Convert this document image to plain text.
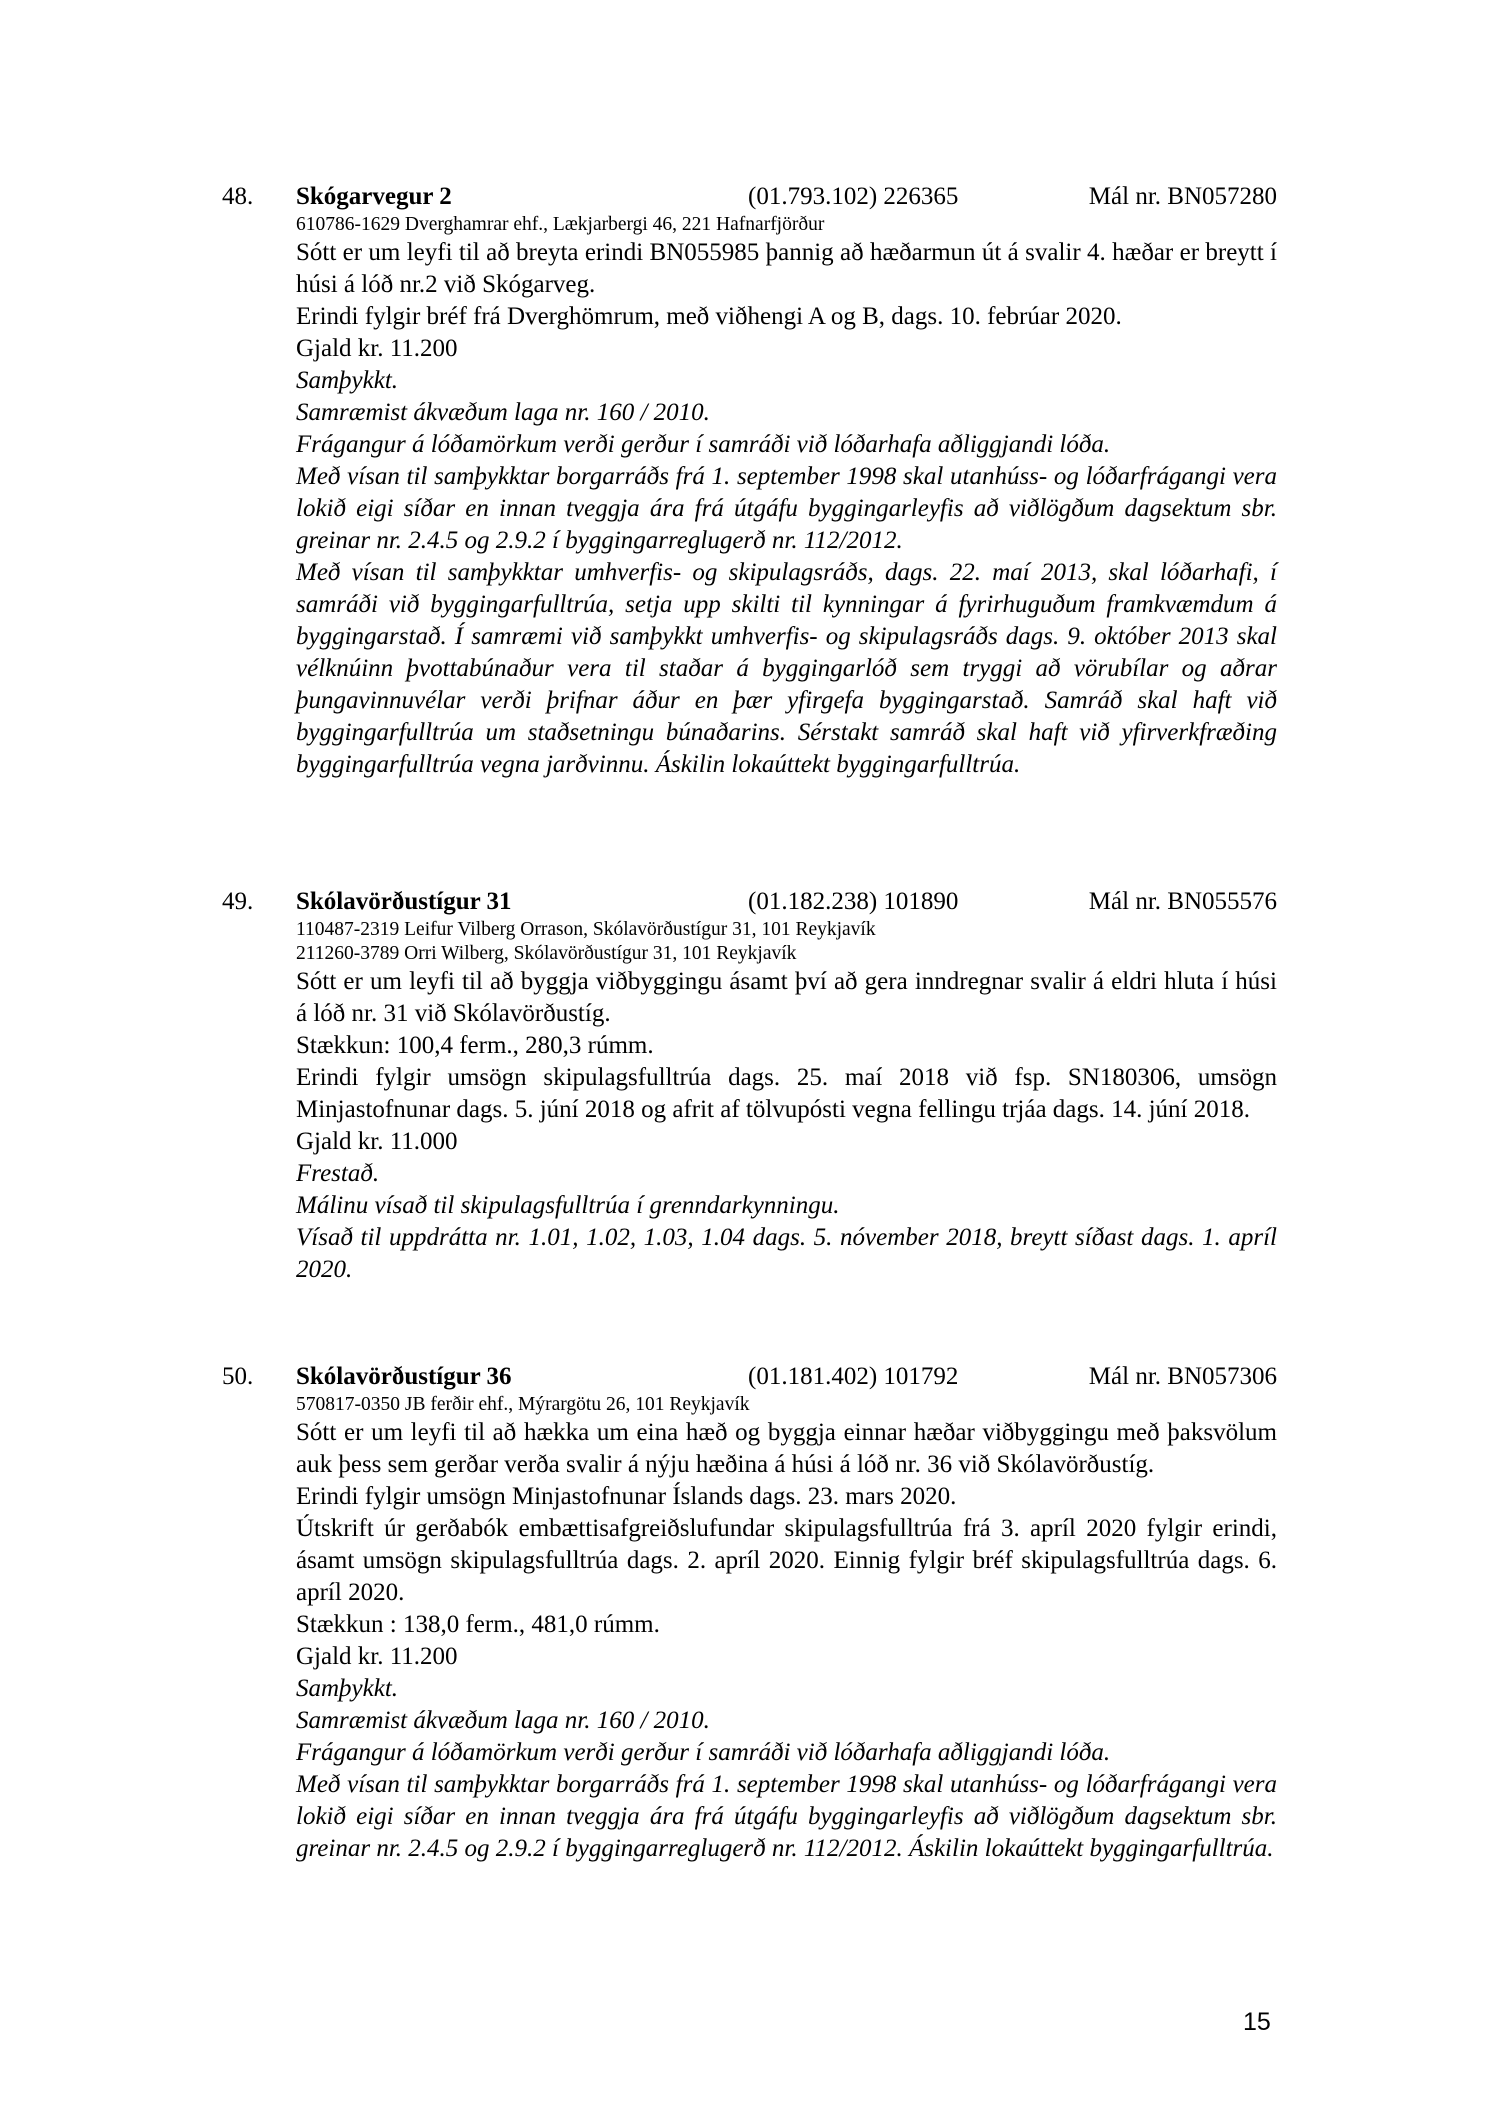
48. Skógarvegur 2	(01.793.102) 226365	Mál nr. BN057280
610786-1629 Dverghamrar ehf., Lækjarbergi 46, 221 Hafnarfjörður
Sótt er um leyfi til að breyta erindi BN055985 þannig að hæðarmun út á svalir 4. hæðar er breytt í húsi á lóð nr.2 við Skógarveg.
Erindi fylgir bréf frá Dverghömrum, með viðhengi A og B, dags. 10. febrúar 2020.
Gjald kr. 11.200
Samþykkt.
Samræmist ákvæðum laga nr. 160 / 2010.
Frágangur á lóðamörkum verði gerður í samráði við lóðarhafa aðliggjandi lóða.
Með vísan til samþykktar borgarráðs frá 1. september 1998 skal utanhúss- og lóðarfrágangi vera lokið eigi síðar en innan tveggja ára frá útgáfu byggingarleyfis að viðlögðum dagsektum sbr. greinar nr. 2.4.5 og 2.9.2 í byggingarreglugerð nr. 112/2012.
Með vísan til samþykktar umhverfis- og skipulagsráðs, dags. 22. maí 2013, skal lóðarhafi, í samráði við byggingarfulltrúa, setja upp skilti til kynningar á fyrirhuguðum framkvæmdum á byggingarstað. Í samræmi við samþykkt umhverfis- og skipulagsráðs dags. 9. október 2013 skal vélknúinn þvottabúnaður vera til staðar á byggingarlóð sem tryggi að vörubílar og aðrar þungavinnuvélar verði þrifnar áður en þær yfirgefa byggingarstað. Samráð skal haft við byggingarfulltrúa um staðsetningu búnaðarins. Sérstakt samráð skal haft við yfirverkfræðing byggingarfulltrúa vegna jarðvinnu. Áskilin lokaúttekt byggingarfulltrúa.
49. Skólavörðustígur 31	(01.182.238) 101890	Mál nr. BN055576
110487-2319 Leifur Vilberg Orrason, Skólavörðustígur 31, 101 Reykjavík
211260-3789 Orri Wilberg, Skólavörðustígur 31, 101 Reykjavík
Sótt er um leyfi til að byggja viðbyggingu ásamt því að gera inndregnar svalir á eldri hluta í húsi á lóð nr. 31 við Skólavörðustíg.
Stækkun: 100,4 ferm., 280,3 rúmm.
Erindi fylgir umsögn skipulagsfulltrúa dags. 25. maí 2018 við fsp. SN180306, umsögn Minjastofnunar dags. 5. júní 2018 og afrit af tölvupósti vegna fellingu trjáa dags. 14. júní 2018.
Gjald kr. 11.000
Frestað.
Málinu vísað til skipulagsfulltrúa í grenndarkynningu.
Vísað til uppdrátta nr. 1.01, 1.02, 1.03, 1.04 dags. 5. nóvember 2018, breytt síðast dags. 1. apríl 2020.
50. Skólavörðustígur 36	(01.181.402) 101792	Mál nr. BN057306
570817-0350 JB ferðir ehf., Mýrargötu 26, 101 Reykjavík
Sótt er um leyfi til að hækka um eina hæð og byggja einnar hæðar viðbyggingu með þaksvölum auk þess sem gerðar verða svalir á nýju hæðina á húsi á lóð nr. 36 við Skólavörðustíg.
Erindi fylgir umsögn Minjastofnunar Íslands dags. 23. mars 2020.
Útskrift úr gerðabók embættisafgreiðslufundar skipulagsfulltrúa frá 3. apríl 2020 fylgir erindi, ásamt umsögn skipulagsfulltrúa dags. 2. apríl 2020. Einnig fylgir bréf skipulagsfulltrúa dags. 6. apríl 2020.
Stækkun : 138,0 ferm., 481,0 rúmm.
Gjald kr. 11.200
Samþykkt.
Samræmist ákvæðum laga nr. 160 / 2010.
Frágangur á lóðamörkum verði gerður í samráði við lóðarhafa aðliggjandi lóða.
Með vísan til samþykktar borgarráðs frá 1. september 1998 skal utanhúss- og lóðarfrágangi vera lokið eigi síðar en innan tveggja ára frá útgáfu byggingarleyfis að viðlögðum dagsektum sbr. greinar nr. 2.4.5 og 2.9.2 í byggingarreglugerð nr. 112/2012. Áskilin lokaúttekt byggingarfulltrúa.
15
